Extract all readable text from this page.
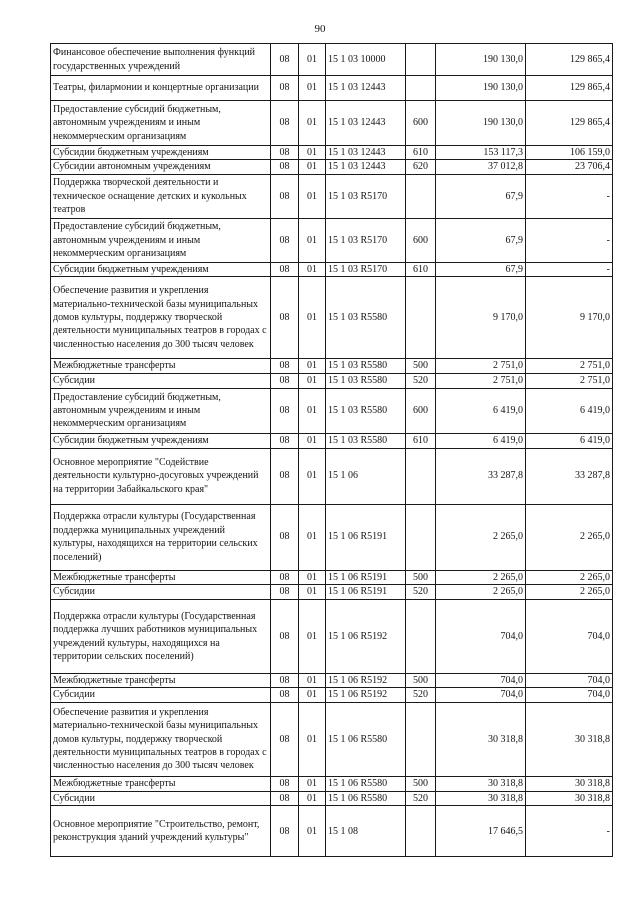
90
Финансовое обеспечение выполнения функций государственных учреждений	08	01	15 1 03 10000		190 130,0	129 865,4
Театры, филармонии и концертные организации	08	01	15 1 03 12443		190 130,0	129 865,4
Предоставление субсидий бюджетным, автономным учреждениям и иным некоммерческим организациям	08	01	15 1 03 12443	600	190 130,0	129 865,4
Субсидии бюджетным учреждениям	08	01	15 1 03 12443	610	153 117,3	106 159,0
Субсидии автономным учреждениям	08	01	15 1 03 12443	620	37 012,8	23 706,4
Поддержка творческой деятельности и техническое оснащение детских и кукольных театров	08	01	15 1 03 R5170		67,9	-
Предоставление субсидий бюджетным, автономным учреждениям и иным некоммерческим организациям	08	01	15 1 03 R5170	600	67,9	-
Субсидии бюджетным учреждениям	08	01	15 1 03 R5170	610	67,9	-
Обеспечение развития и укрепления материально-технической базы муниципальных домов культуры, поддержку творческой деятельности муниципальных театров в городах с численностью населения до 300 тысяч человек	08	01	15 1 03 R5580		9 170,0	9 170,0
Межбюджетные трансферты	08	01	15 1 03 R5580	500	2 751,0	2 751,0
Субсидии	08	01	15 1 03 R5580	520	2 751,0	2 751,0
Предоставление субсидий бюджетным, автономным учреждениям и иным некоммерческим организациям	08	01	15 1 03 R5580	600	6 419,0	6 419,0
Субсидии бюджетным учреждениям	08	01	15 1 03 R5580	610	6 419,0	6 419,0
Основное мероприятие "Содействие деятельности культурно-досуговых учреждений на территории Забайкальского края"	08	01	15 1 06		33 287,8	33 287,8
Поддержка отрасли культуры (Государственная поддержка муниципальных учреждений культуры, находящихся на территории сельских поселений)	08	01	15 1 06 R5191		2 265,0	2 265,0
Межбюджетные трансферты	08	01	15 1 06 R5191	500	2 265,0	2 265,0
Субсидии	08	01	15 1 06 R5191	520	2 265,0	2 265,0
Поддержка отрасли культуры (Государственная поддержка лучших работников муниципальных учреждений культуры, находящихся на территории сельских поселений)	08	01	15 1 06 R5192		704,0	704,0
Межбюджетные трансферты	08	01	15 1 06 R5192	500	704,0	704,0
Субсидии	08	01	15 1 06 R5192	520	704,0	704,0
Обеспечение развития и укрепления материально-технической базы муниципальных домов культуры, поддержку творческой деятельности муниципальных театров в городах с численностью населения до 300 тысяч человек	08	01	15 1 06 R5580		30 318,8	30 318,8
Межбюджетные трансферты	08	01	15 1 06 R5580	500	30 318,8	30 318,8
Субсидии	08	01	15 1 06 R5580	520	30 318,8	30 318,8
Основное мероприятие "Строительство, ремонт, реконструкция зданий учреждений культуры"	08	01	15 1 08		17 646,5	-
